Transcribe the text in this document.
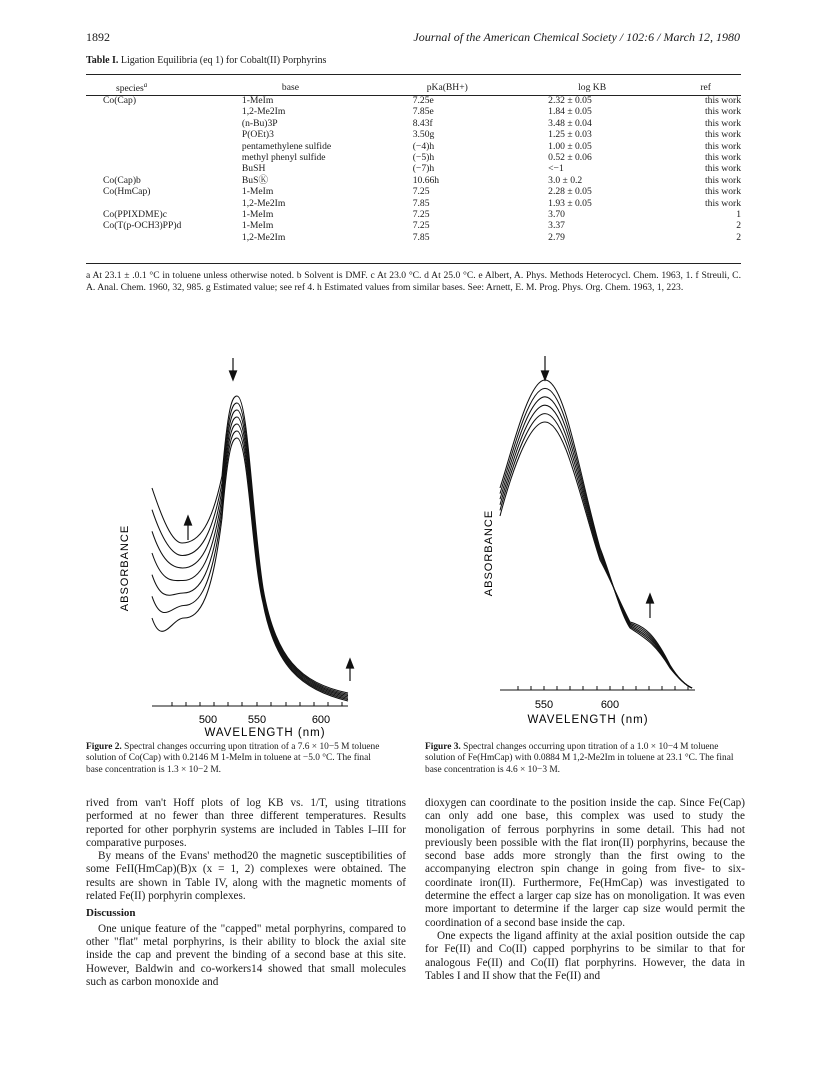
1892	Journal of the American Chemical Society / 102:6 / March 12, 1980
Table I. Ligation Equilibria (eq 1) for Cobalt(II) Porphyrins
species$^a$	base	pKa(BH+)	log KB	ref
Co(Cap)	1-MeIm	7.25e	2.32 ± 0.05	this work
	1,2-Me2Im	7.85e	1.84 ± 0.05	this work
	(n-Bu)3P	8.43f	3.48 ± 0.04	this work
	P(OEt)3	3.50g	1.25 ± 0.03	this work
	pentamethylene sulfide	(−4)h	1.00 ± 0.05	this work
	methyl phenyl sulfide	(−5)h	0.52 ± 0.06	this work
	BuSH	(−7)h	<−1	this work
Co(Cap)b	BuSⓀ	10.66h	3.0 ± 0.2	this work
Co(HmCap)	1-MeIm	7.25	2.28 ± 0.05	this work
	1,2-Me2Im	7.85	1.93 ± 0.05	this work
Co(PPIXDME)c	1-MeIm	7.25	3.70	1
Co(T(p-OCH3)PP)d	1-MeIm	7.25	3.37	2
	1,2-Me2Im	7.85	2.79	2
a At 23.1 ± .0.1 °C in toluene unless otherwise noted. b Solvent is DMF. c At 23.0 °C. d At 25.0 °C. e Albert, A. Phys. Methods Heterocycl. Chem. 1963, 1. f Streuli, C. A. Anal. Chem. 1960, 32, 985. g Estimated value; see ref 4. h Estimated values from similar bases. See: Arnett, E. M. Prog. Phys. Org. Chem. 1963, 1, 223.
ABSORBANCE
500	550	600
WAVELENGTH (nm)
Figure 2. Spectral changes occurring upon titration of a 7.6 × 10−5 M toluene solution of Co(Cap) with 0.2146 M 1-MeIm in toluene at −5.0 °C. The final base concentration is 1.3 × 10−2 M.
ABSORBANCE
550	600
WAVELENGTH (nm)
Figure 3. Spectral changes occurring upon titration of a 1.0 × 10−4 M toluene solution of Fe(HmCap) with 0.0884 M 1,2-Me2Im in toluene at 23.1 °C. The final base concentration is 4.6 × 10−3 M.

rived from van't Hoff plots of log KB vs. 1/T, using titrations performed at no fewer than three different temperatures. Results reported for other porphyrin systems are included in Tables I–III for comparative purposes.

By means of the Evans' method20 the magnetic susceptibilities of some FeII(HmCap)(B)x (x = 1, 2) complexes were obtained. The results are shown in Table IV, along with the magnetic moments of related Fe(II) porphyrin complexes.

Discussion

One unique feature of the "capped" metal porphyrins, compared to other "flat" metal porphyrins, is their ability to block the axial site inside the cap and prevent the binding of a second base at this site. However, Baldwin and co-workers14 showed that small molecules such as carbon monoxide and

dioxygen can coordinate to the position inside the cap. Since Fe(Cap) can only add one base, this complex was used to study the monoligation of ferrous porphyrins in some detail. This had not previously been possible with the flat iron(II) porphyrins, because the second base adds more strongly than the first owing to the accompanying electron spin change in going from five- to six-coordinate iron(II). Furthermore, Fe(HmCap) was investigated to determine the effect a larger cap size has on monoligation. It was even more important to determine if the larger cap size would permit the coordination of a second base inside the cap.

One expects the ligand affinity at the axial position outside the cap for Fe(II) and Co(II) capped porphyrins to be similar to that for analogous Fe(II) and Co(II) flat porphyrins. However, the data in Tables I and II show that the Fe(II) and
